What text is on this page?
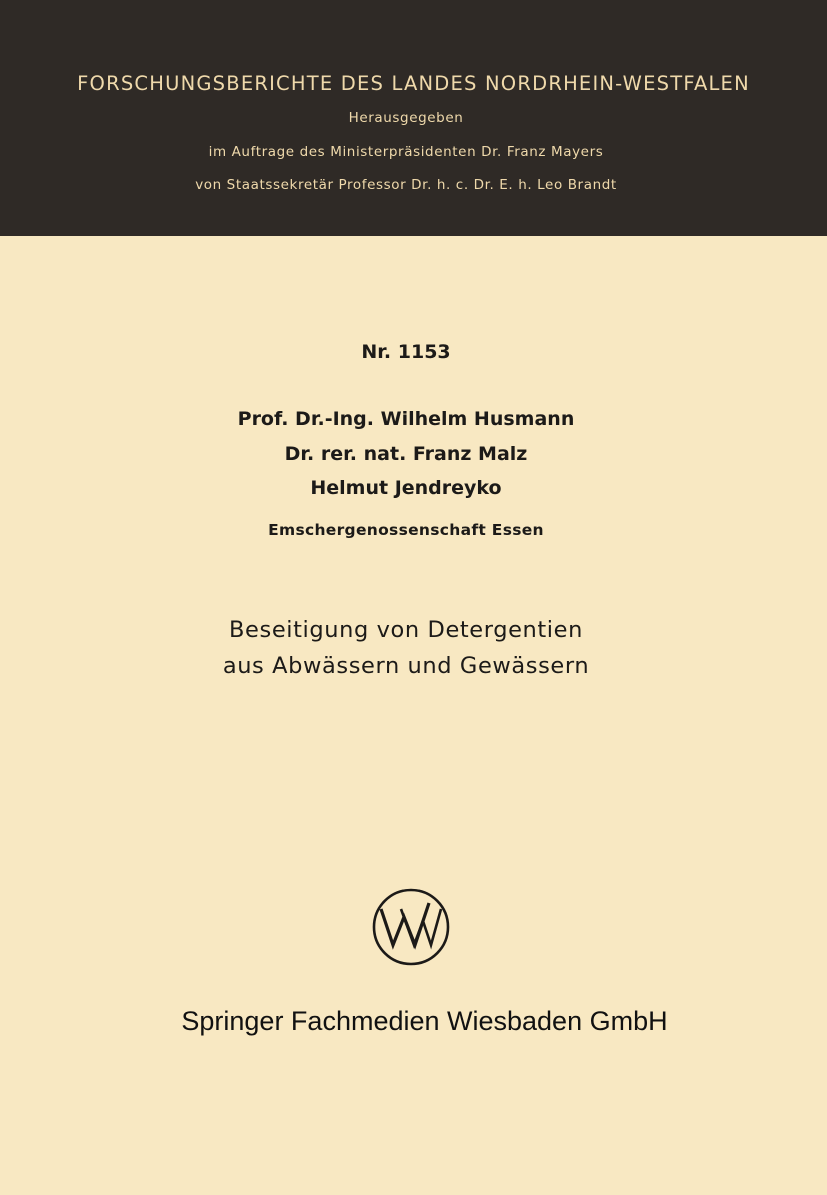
FORSCHUNGSBERICHTE DES LANDES NORDRHEIN-WESTFALEN
Herausgegeben
im Auftrage des Ministerpräsidenten Dr. Franz Mayers
von Staatssekretär Professor Dr. h. c. Dr. E. h. Leo Brandt
Nr. 1153
Prof. Dr.-Ing. Wilhelm Husmann
Dr. rer. nat. Franz Malz
Helmut Jendreyko
Emschergenossenschaft Essen
Beseitigung von Detergentien
aus Abwässern und Gewässern
Springer Fachmedien Wiesbaden GmbH
